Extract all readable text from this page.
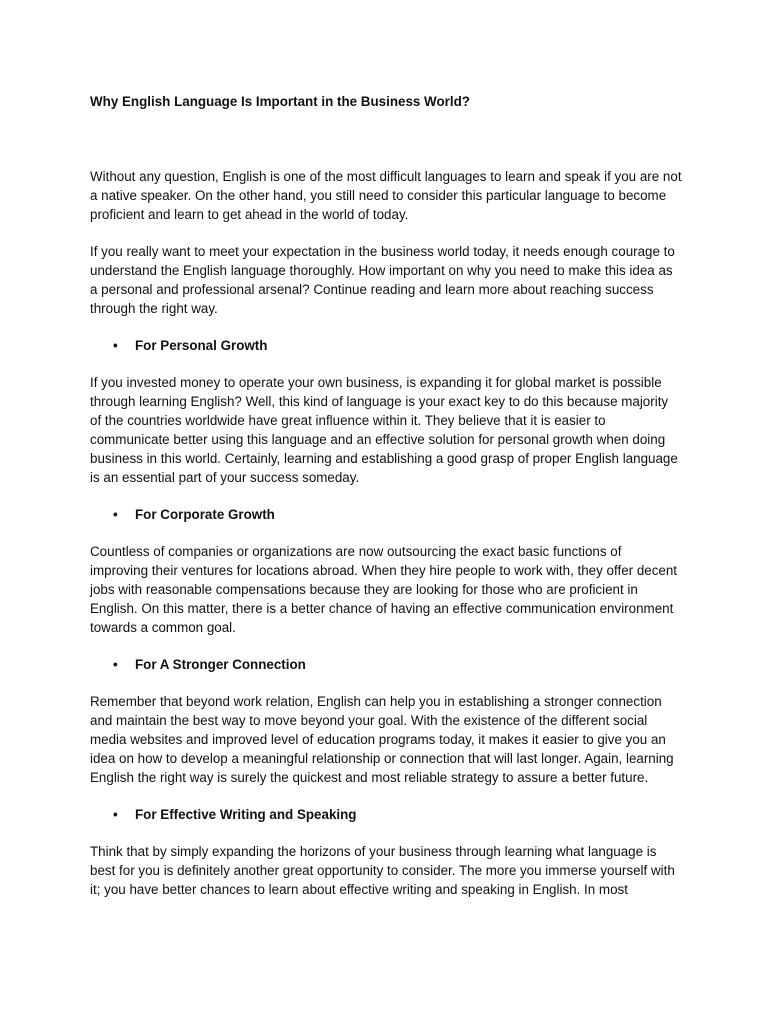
Why English Language Is Important in the Business World?

Without any question, English is one of the most difficult languages to learn and speak if you are not a native speaker. On the other hand, you still need to consider this particular language to become proficient and learn to get ahead in the world of today.

If you really want to meet your expectation in the business world today, it needs enough courage to understand the English language thoroughly. How important on why you need to make this idea as a personal and professional arsenal? Continue reading and learn more about reaching success through the right way.

• For Personal Growth

If you invested money to operate your own business, is expanding it for global market is possible through learning English? Well, this kind of language is your exact key to do this because majority of the countries worldwide have great influence within it. They believe that it is easier to communicate better using this language and an effective solution for personal growth when doing business in this world. Certainly, learning and establishing a good grasp of proper English language is an essential part of your success someday.

• For Corporate Growth

Countless of companies or organizations are now outsourcing the exact basic functions of improving their ventures for locations abroad. When they hire people to work with, they offer decent jobs with reasonable compensations because they are looking for those who are proficient in English. On this matter, there is a better chance of having an effective communication environment towards a common goal.

• For A Stronger Connection

Remember that beyond work relation, English can help you in establishing a stronger connection and maintain the best way to move beyond your goal. With the existence of the different social media websites and improved level of education programs today, it makes it easier to give you an idea on how to develop a meaningful relationship or connection that will last longer. Again, learning English the right way is surely the quickest and most reliable strategy to assure a better future.

• For Effective Writing and Speaking

Think that by simply expanding the horizons of your business through learning what language is best for you is definitely another great opportunity to consider. The more you immerse yourself with it; you have better chances to learn about effective writing and speaking in English. In most
